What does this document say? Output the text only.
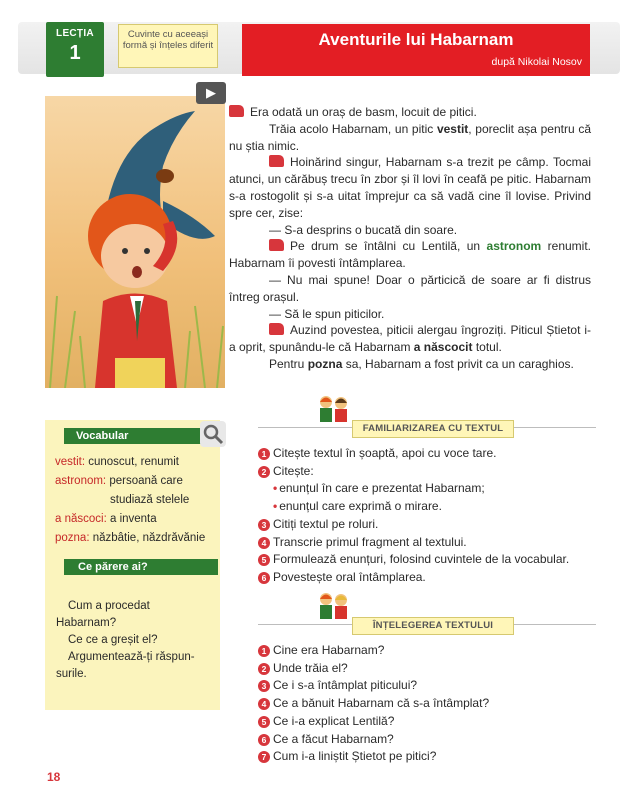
LECȚIA
1
Cuvinte cu aceeași formă și înțeles diferit	Aventurile lui Habarnam
după Nikolai Nosov
▶

Era odată un oraș de basm, locuit de pitici.

Trăia acolo Habarnam, un pitic vestit, poreclit așa pentru că nu știa nimic.

Hoinărind singur, Habarnam s-a trezit pe câmp. Tocmai atunci, un cărăbuș trecu în zbor și îl lovi în ceafă pe pitic. Habarnam s-a rostogolit și s-a uitat împrejur ca să vadă cine îl lovise. Privind spre cer, zise:

— S-a desprins o bucată din soare.

Pe drum se întâlni cu Lentilă, un astronom renumit. Habarnam îi povesti întâmplarea.

— Nu mai spune! Doar o părticică de soare ar fi distrus întreg orașul.

— Să le spun piticilor.

Auzind povestea, piticii alergau îngroziți. Piticul Știetot i-a oprit, spunându-le că Habarnam a născocit totul.

Pentru pozna sa, Habarnam a fost privit ca un caraghios.

Vocabular
vestit: cunoscut, renumit
astronom: persoană care
studiază stelele
a născoci: a inventa
pozna: năzbâtie, năzdrăvănie
Ce părere ai?
Cum a procedat
Habarnam?
Ce ce a greșit el?
Argumentează-ți răspun-
surile.
FAMILIARIZAREA CU TEXTUL
1 Citește textul în șoaptă, apoi cu voce tare.
2 Citește:
• enunțul în care e prezentat Habarnam;
• enunțul care exprimă o mirare.
3 Citiți textul pe roluri.
4 Transcrie primul fragment al textului.
5 Formulează enunțuri, folosind cuvintele de la vocabular.
6 Povestește oral întâmplarea.
ÎNȚELEGEREA TEXTULUI
1 Cine era Habarnam?
2 Unde trăia el?
3 Ce i s-a întâmplat piticului?
4 Ce a bănuit Habarnam că s-a întâmplat?
5 Ce i-a explicat Lentilă?
6 Ce a făcut Habarnam?
7 Cum i-a liniștit Știetot pe pitici?
18
